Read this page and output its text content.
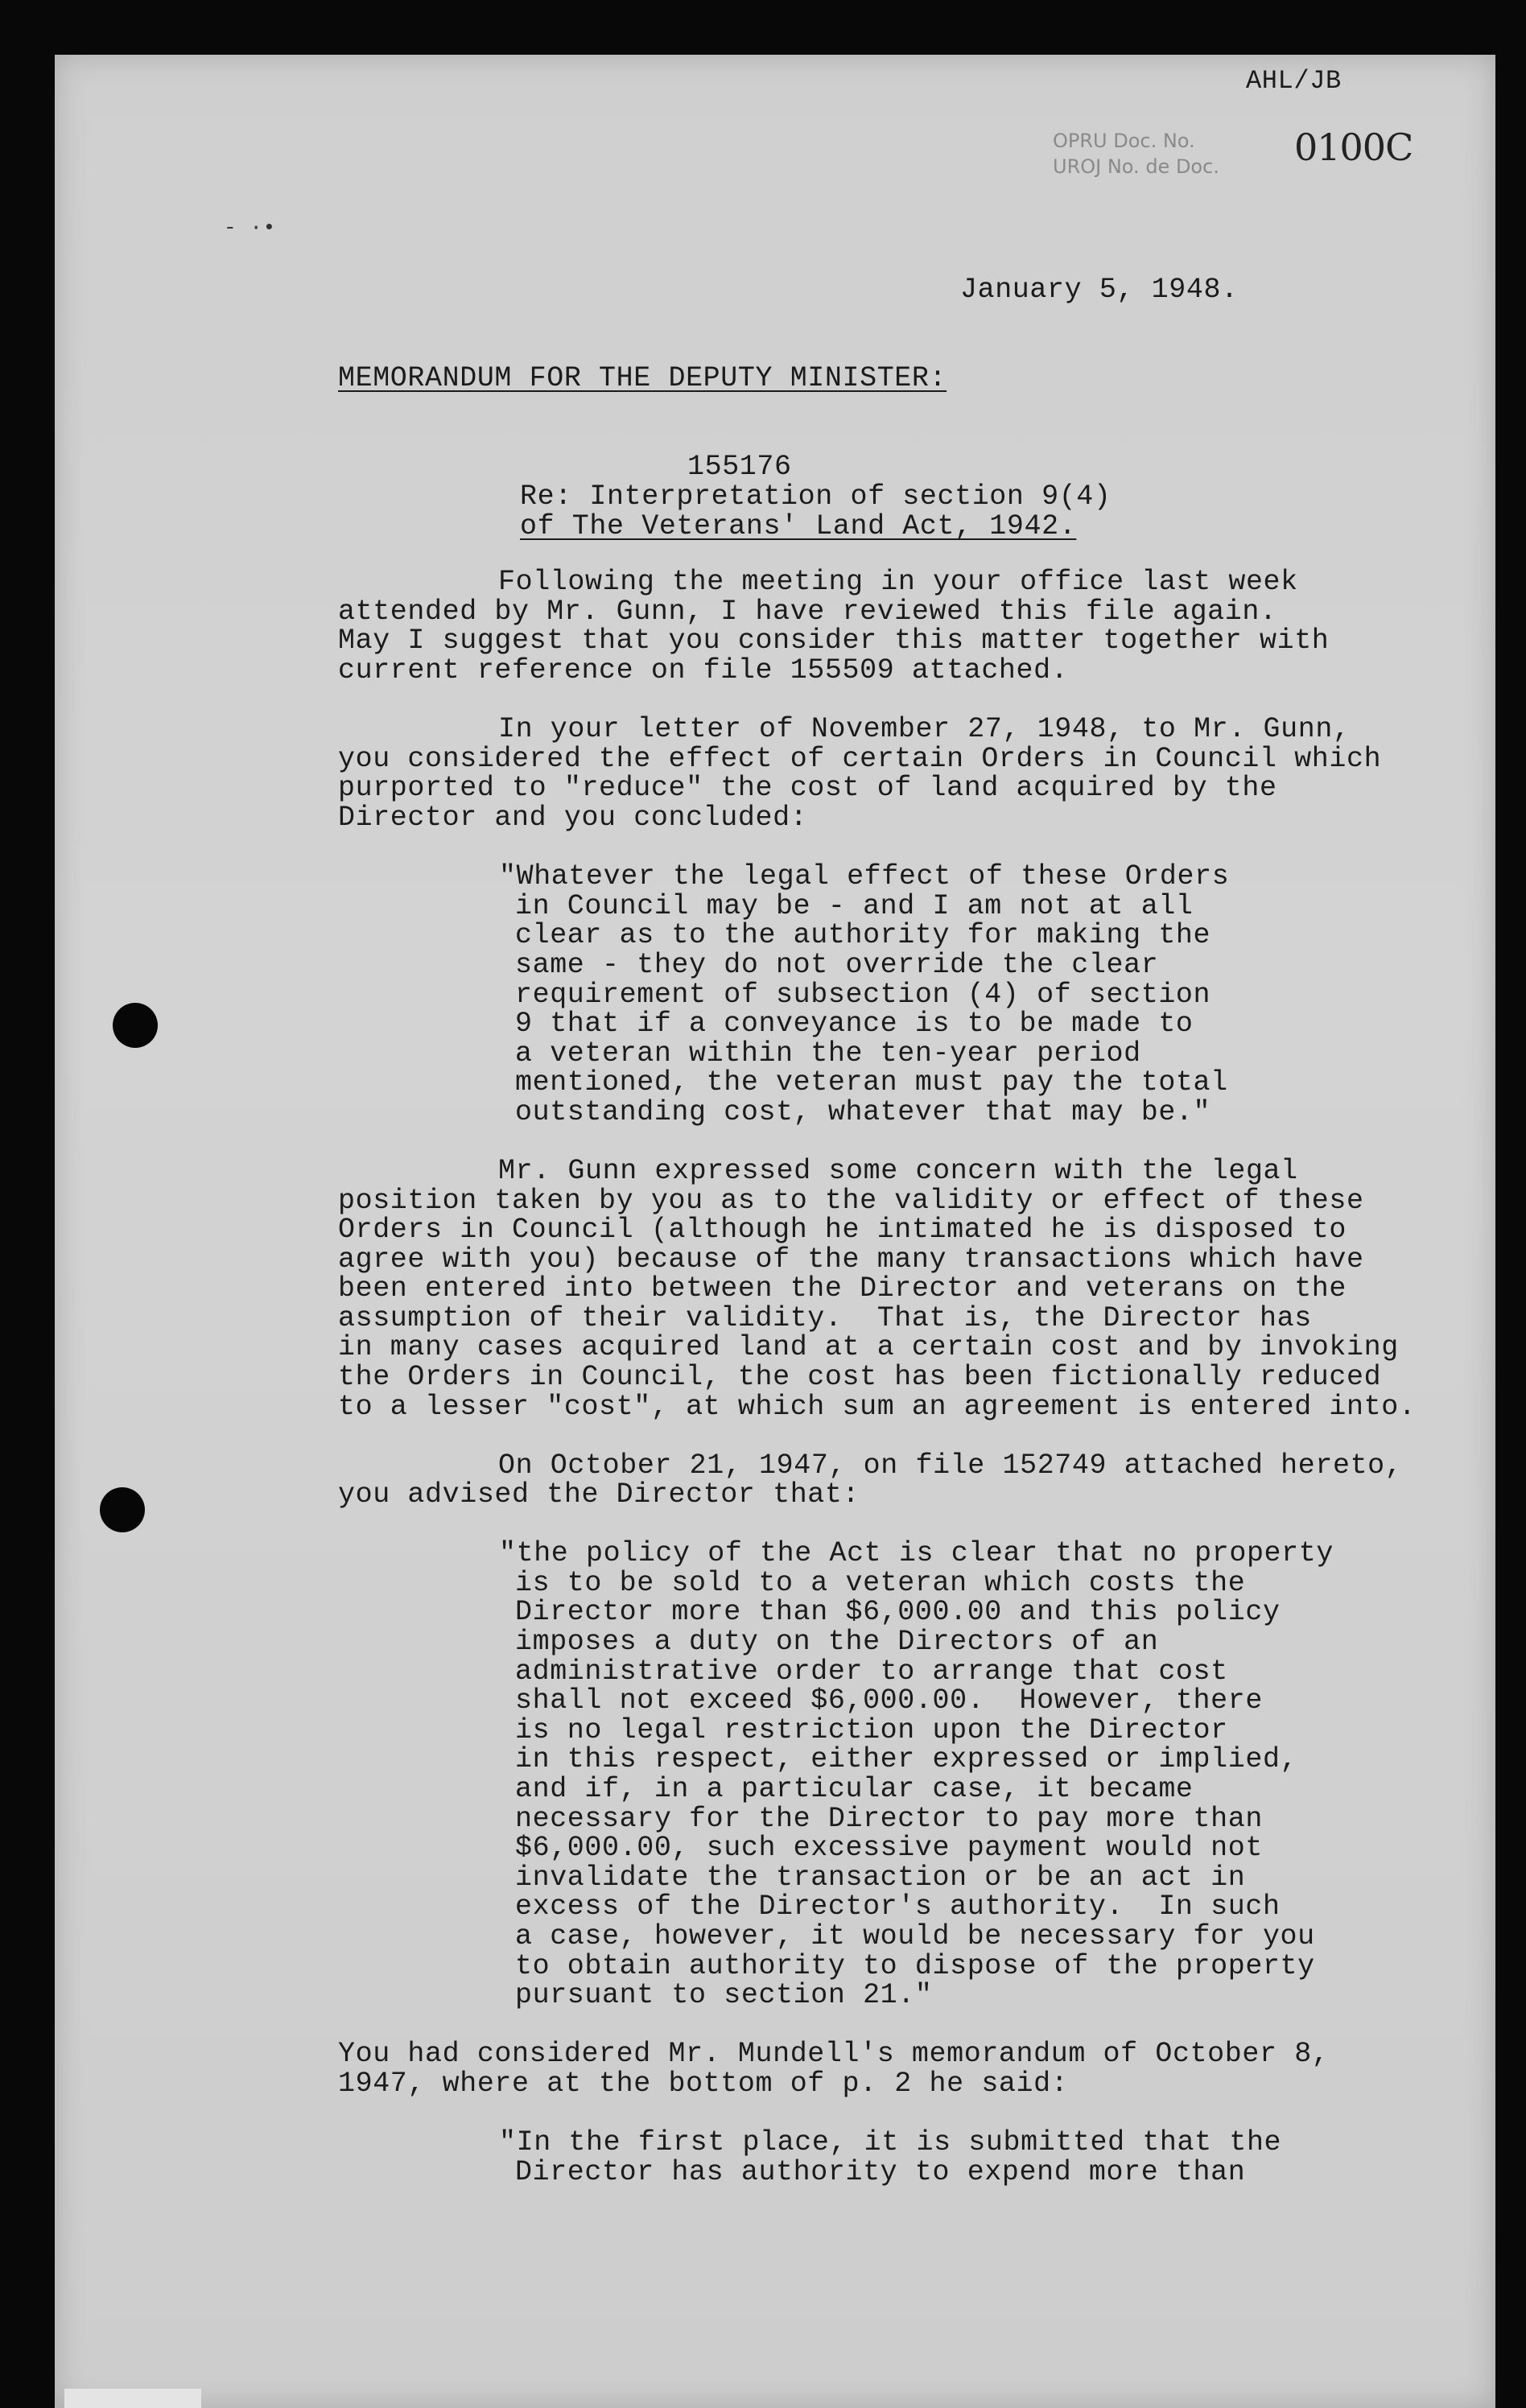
AHL/JB
OPRU Doc. No.
UROJ No. de Doc. 0100C
- ·•
January 5, 1948.
MEMORANDUM FOR THE DEPUTY MINISTER:
155176
Re: Interpretation of section 9(4)
of The Veterans' Land Act, 1942.
Following the meeting in your office last week
attended by Mr. Gunn, I have reviewed this file again.
May I suggest that you consider this matter together with
current reference on file 155509 attached.
In your letter of November 27, 1948, to Mr. Gunn,
you considered the effect of certain Orders in Council which
purported to "reduce" the cost of land acquired by the
Director and you concluded:
"Whatever the legal effect of these Orders
in Council may be - and I am not at all
clear as to the authority for making the
same - they do not override the clear
requirement of subsection (4) of section
9 that if a conveyance is to be made to
a veteran within the ten-year period
mentioned, the veteran must pay the total
outstanding cost, whatever that may be."
Mr. Gunn expressed some concern with the legal
position taken by you as to the validity or effect of these
Orders in Council (although he intimated he is disposed to
agree with you) because of the many transactions which have
been entered into between the Director and veterans on the
assumption of their validity.  That is, the Director has
in many cases acquired land at a certain cost and by invoking
the Orders in Council, the cost has been fictionally reduced
to a lesser "cost", at which sum an agreement is entered into.
On October 21, 1947, on file 152749 attached hereto,
you advised the Director that:
"the policy of the Act is clear that no property
is to be sold to a veteran which costs the
Director more than $6,000.00 and this policy
imposes a duty on the Directors of an
administrative order to arrange that cost
shall not exceed $6,000.00.  However, there
is no legal restriction upon the Director
in this respect, either expressed or implied,
and if, in a particular case, it became
necessary for the Director to pay more than
$6,000.00, such excessive payment would not
invalidate the transaction or be an act in
excess of the Director's authority.  In such
a case, however, it would be necessary for you
to obtain authority to dispose of the property
pursuant to section 21."
You had considered Mr. Mundell's memorandum of October 8,
1947, where at the bottom of p. 2 he said:
"In the first place, it is submitted that the
Director has authority to expend more than
